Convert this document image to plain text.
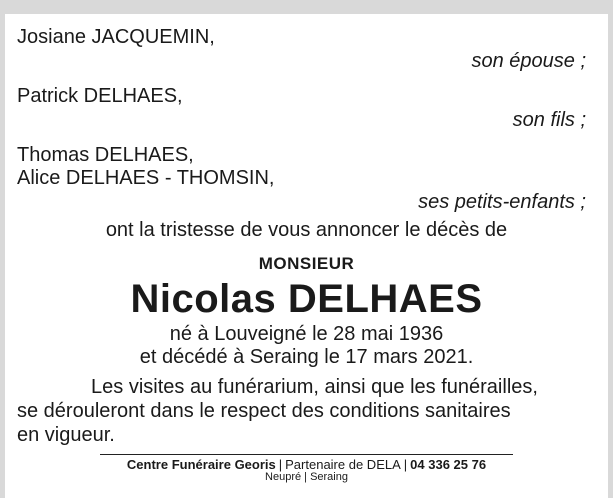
Josiane JACQUEMIN,
son épouse ;
Patrick DELHAES,
son fils ;
Thomas DELHAES,
Alice DELHAES - THOMSIN,
ses petits-enfants ;
ont la tristesse de vous annoncer le décès de
MONSIEUR
Nicolas DELHAES
né à Louveigné le 28 mai 1936
et décédé à Seraing le 17 mars 2021.
Les visites au funérarium, ainsi que les funérailles,
se dérouleront dans le respect des conditions sanitaires
en vigueur.
Centre Funéraire Georis | Partenaire de DELA | 04 336 25 76
Neupré | Seraing
